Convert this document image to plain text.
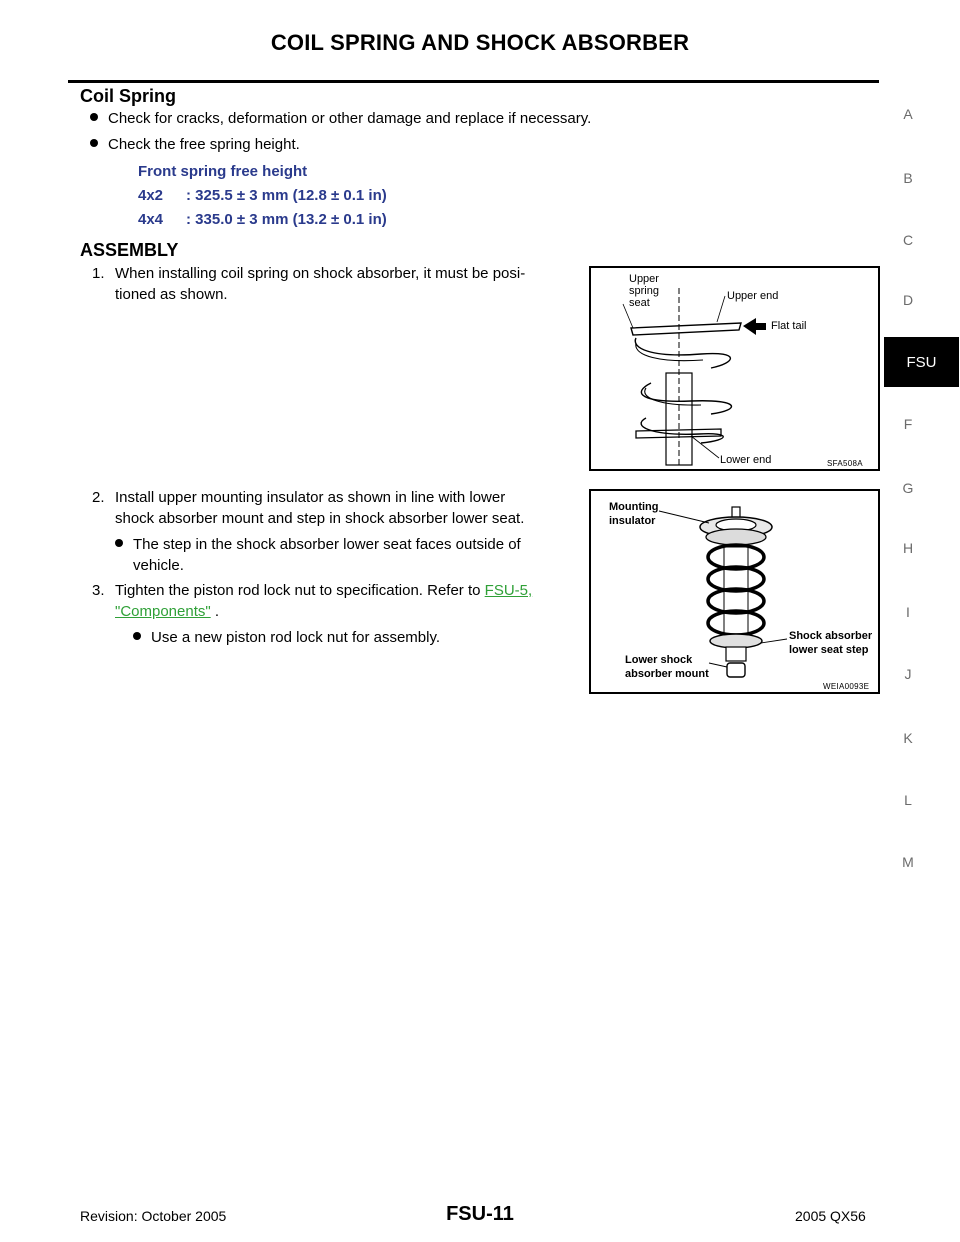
COIL SPRING AND SHOCK ABSORBER
Coil Spring
Check for cracks, deformation or other damage and replace if necessary.
Check the free spring height.
Front spring free height
4x2 : 325.5 ± 3 mm (12.8 ± 0.1 in)
4x4 : 335.0 ± 3 mm (13.2 ± 0.1 in)
ASSEMBLY
1. When installing coil spring on shock absorber, it must be posi-
tioned as shown.
2. Install upper mounting insulator as shown in line with lower
shock absorber mount and step in shock absorber lower seat.
The step in the shock absorber lower seat faces outside of
vehicle.
3. Tighten the piston rod lock nut to specification. Refer to FSU-5,
"Components" .
Use a new piston rod lock nut for assembly.
Upper
spring
seat
Upper end
Flat tail
Lower end	SFA508A
Mounting
insulator
Shock absorber
lower seat step
Lower shock
absorber mount
WEIA0093E
A
B
C
D
FSU
F
G
H
I
J
K
L
M
Revision: October 2005	FSU-11	2005 QX56
